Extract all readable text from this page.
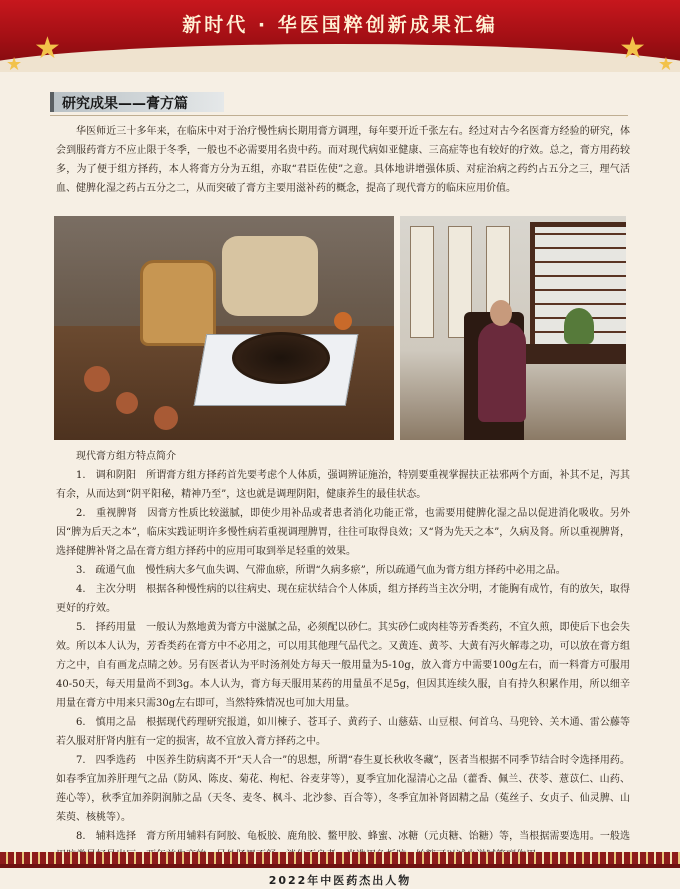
★
★	★ ★
新时代 · 华医国粹创新成果汇编
研究成果——膏方篇

华医师近三十多年来，在临床中对于治疗慢性病长期用膏方调理，每年要开近千张左右。经过对古今名医膏方经验的研究，体会到服药膏方不应止限于冬季，一般也不必需要用名贵中药。而对现代病如亚健康、三高症等也有较好的疗效。总之，膏方用药较多，为了便于组方择药，本人将膏方分为五组，亦取“君臣佐使”之意。具体地讲增强体质、对症治病之药约占五分之三，理气活血、健脾化湿之药占五分之二，从而突破了膏方主要用滋补药的概念，提高了现代膏方的临床应用价值。

现代膏方组方特点简介

1.　调和阴阳　所谓膏方组方择药首先要考虑个人体质，强调辨证施治，特别要重视掌握扶正祛邪两个方面，补其不足，泻其有余，从而达到“阴平阳秘，精神乃至”，这也就是调理阴阳，健康养生的最佳状态。

2.　重视脾肾　因膏方性质比较滋腻，即使少用补品或者患者消化功能正常，也需要用健脾化湿之品以促进消化吸收。另外因“脾为后天之本”，临床实践证明许多慢性病若重视调理脾胃，往往可取得良效；又“肾为先天之本”，久病及肾。所以重视脾肾，选择健脾补肾之品在膏方组方择药中的应用可取到举足轻重的效果。

3.　疏通气血　慢性病大多气血失调、气滞血瘀，所谓“久病多瘀”，所以疏通气血为膏方组方择药中必用之品。

4.　主次分明　根据各种慢性病的以往病史、现在症状结合个人体质，组方择药当主次分明，才能胸有成竹，有的放矢，取得更好的疗效。

5.　择药用量　一般认为熬地黄为膏方中滋腻之品，必须配以砂仁。其实砂仁或肉桂等芳香类药，不宜久煎，即使后下也会失效。所以本人认为，芳香类药在膏方中不必用之，可以用其他理气品代之。又黄连、黄芩、大黄有泻火解毒之功，可以放在膏方组方之中，自有画龙点睛之妙。另有医者认为平时汤剂处方每天一般用量为5-10g，放入膏方中需要100g左右，而一料膏方可服用40-50天，每天用量尚不到3g。本人认为，膏方每天服用某药的用量虽不足5g，但因其连续久服，自有持久积累作用，所以细辛用量在膏方中用来只需30g左右即可，当然特殊情况也可加大用量。

6.　慎用之品　根据现代药理研究报道，如川楝子、苍耳子、黄药子、山慈菇、山豆根、何首乌、马兜铃、关木通、雷公藤等若久服对肝肾内脏有一定的损害，故不宜放入膏方择药之中。

7.　四季选药　中医养生防病离不开“天人合一”的思想，所谓“春生夏长秋收冬藏”，医者当根据不同季节结合时令选择用药。如春季宜加养肝理气之品（防风、陈皮、菊花、枸杞、谷麦芽等），夏季宜加化湿清心之品（藿香、佩兰、茯苓、薏苡仁、山药、莲心等），秋季宜加养阴润肺之品（天冬、麦冬、枫斗、北沙参、百合等），冬季宜加补肾固精之品（菟丝子、女贞子、仙灵脾、山茱萸、核桃等）。

8.　辅料选择　膏方所用辅料有阿胶、龟板胶、鹿角胶、鳖甲胶、蜂蜜、冰糖（元贞糖、饴糖）等，当根据需要选用。一般选

2022年中医药杰出人物
